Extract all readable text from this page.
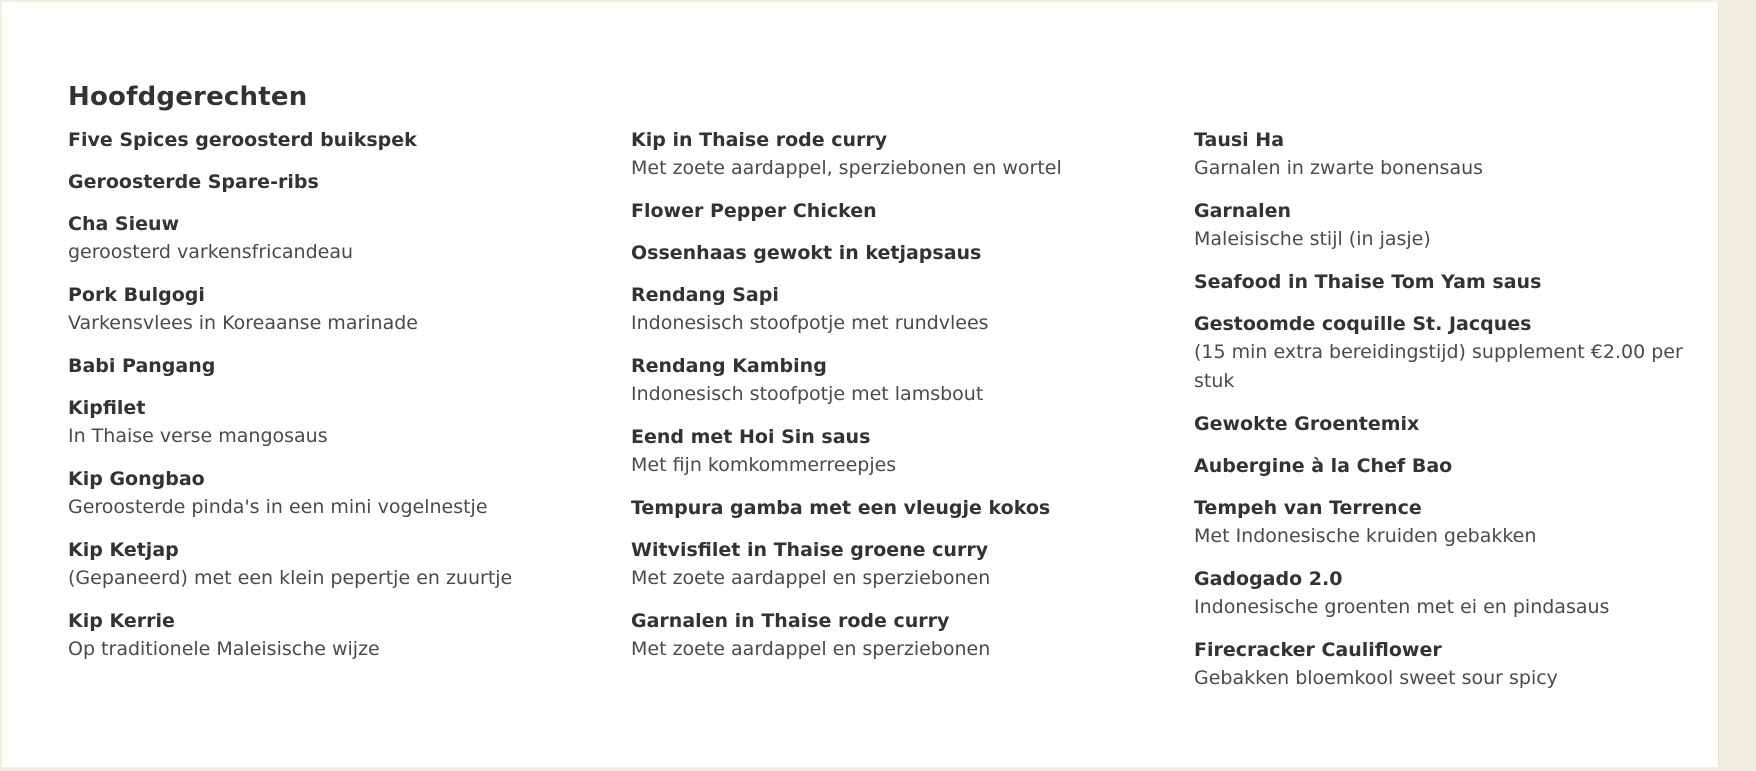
Hoofdgerechten
Five Spices geroosterd buikspek
Geroosterde Spare-ribs
Cha Sieuw
geroosterd varkensfricandeau
Pork Bulgogi
Varkensvlees in Koreaanse marinade
Babi Pangang
Kipfilet
In Thaise verse mangosaus
Kip Gongbao
Geroosterde pinda's in een mini vogelnestje
Kip Ketjap
(Gepaneerd) met een klein pepertje en zuurtje
Kip Kerrie
Op traditionele Maleisische wijze
Kip in Thaise rode curry
Met zoete aardappel, sperziebonen en wortel
Flower Pepper Chicken
Ossenhaas gewokt in ketjapsaus
Rendang Sapi
Indonesisch stoofpotje met rundvlees
Rendang Kambing
Indonesisch stoofpotje met lamsbout
Eend met Hoi Sin saus
Met fijn komkommerreepjes
Tempura gamba met een vleugje kokos
Witvisfilet in Thaise groene curry
Met zoete aardappel en sperziebonen
Garnalen in Thaise rode curry
Met zoete aardappel en sperziebonen
Tausi Ha
Garnalen in zwarte bonensaus
Garnalen
Maleisische stijl (in jasje)
Seafood in Thaise Tom Yam saus
Gestoomde coquille St. Jacques
(15 min extra bereidingstijd) supplement €2.00 per stuk
Gewokte Groentemix
Aubergine à la Chef Bao
Tempeh van Terrence
Met Indonesische kruiden gebakken
Gadogado 2.0
Indonesische groenten met ei en pindasaus
Firecracker Cauliflower
Gebakken bloemkool sweet sour spicy
